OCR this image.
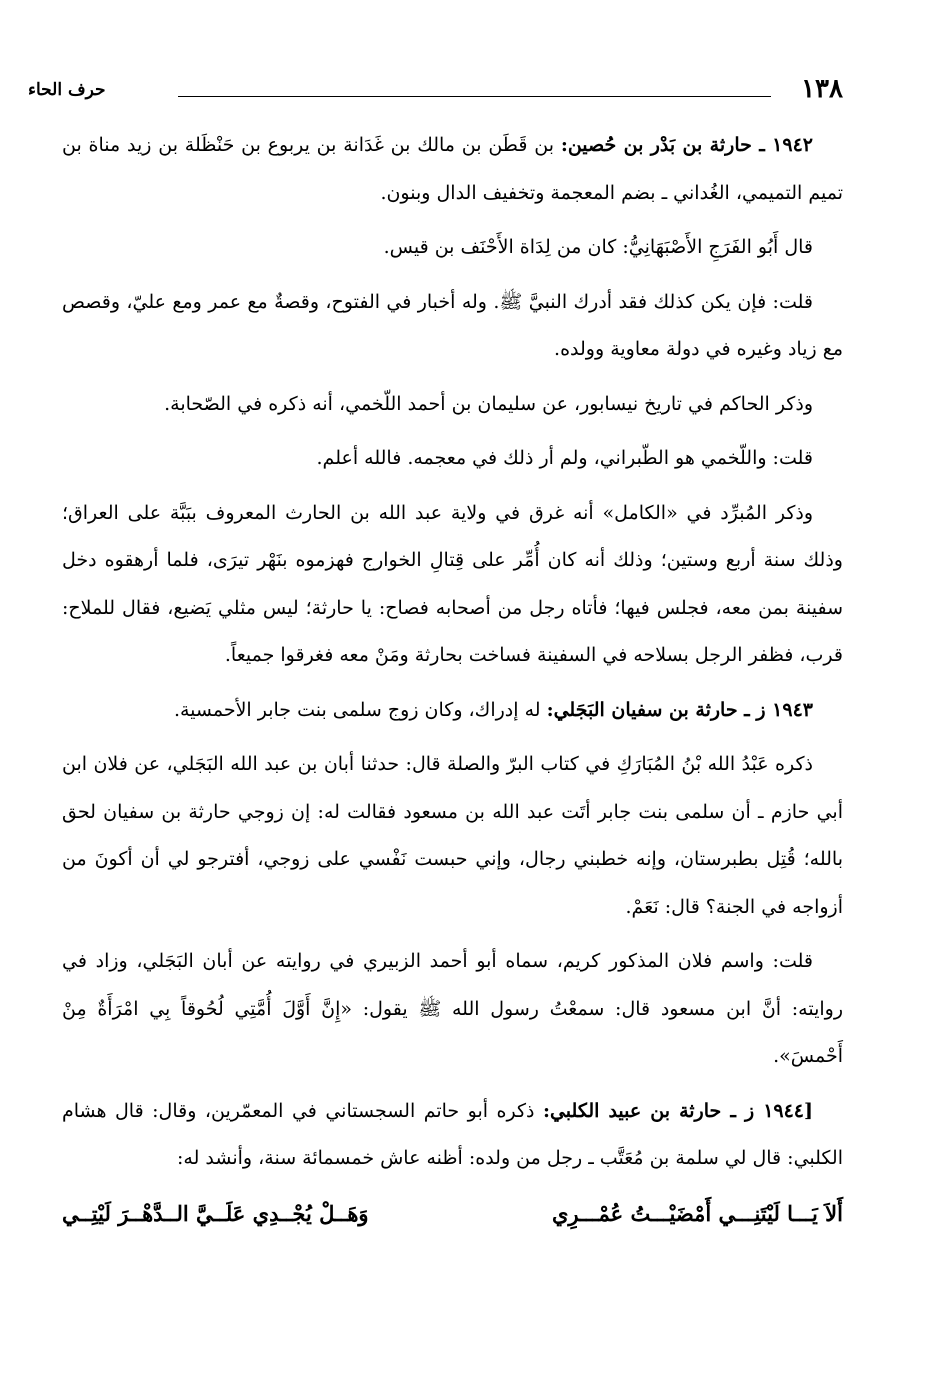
١٣٨
حرف الحاء

١٩٤٢ ـ حارثة بن بَدْر بن حُصين: بن قَطَن بن مالك بن غَدَانة بن يربوع بن حَنْظَلة بن زيد مناة بن تميم التميمي، الغُداني ـ بضم المعجمة وتخفيف الدال وبنون.

قال أَبُو الفَرَجِ الأَصْبَهَانِيُّ: كان من لِدَاة الأَحْنَف بن قيس.

قلت: فإن يكن كذلك فقد أدرك النبيَّ ﷺ. وله أخبار في الفتوح، وقصةٌ مع عمر ومع عليّ، وقصص مع زياد وغيره في دولة معاوية وولده.

وذكر الحاكم في تاريخ نيسابور، عن سليمان بن أحمد اللّخمي، أنه ذكره في الصّحابة.

قلت: واللّخمي هو الطّبراني، ولم أر ذلك في معجمه. فالله أعلم.

وذكر المُبرِّد في «الكامل» أنه غرق في ولاية عبد الله بن الحارث المعروف ببَبَّة على العراق؛ وذلك سنة أربع وستين؛ وذلك أنه كان أُمِّر على قِتالِ الخوارج فهزموه بنَهْر تيرَى، فلما أرهقوه دخل سفينة بمن معه، فجلس فيها؛ فأتاه رجل من أصحابه فصاح: يا حارثة؛ ليس مثلي يَضيع، فقال للملاح: قرب، فظفر الرجل بسلاحه في السفينة فساخت بحارثة ومَنْ معه فغرقوا جميعاً.

١٩٤٣ ز ـ حارثة بن سفيان البَجَلي: له إدراك، وكان زوج سلمى بنت جابر الأحمسية.

ذكره عَبْدُ الله بْنُ المُبَارَكِ في كتاب البرّ والصلة قال: حدثنا أبان بن عبد الله البَجَلي، عن فلان ابن أبي حازم ـ أن سلمى بنت جابر أتَت عبد الله بن مسعود فقالت له: إن زوجي حارثة بن سفيان لحق بالله؛ قُتِل بطبرستان، وإنه خطبني رجال، وإني حبست نَفْسي على زوجي، أفترجو لي أن أكونَ من أزواجه في الجنة؟ قال: نَعَمْ.

قلت: واسم فلان المذكور كريم، سماه أبو أحمد الزبيري في روايته عن أبان البَجَلي، وزاد في روايته: أنَّ ابن مسعود قال: سمعْتُ رسول الله ﷺ يقول: «إِنَّ أَوَّلَ أُمَّتِي لُحُوقاً بِي امْرَأَةٌ مِنْ أَحْمسَ».

[١٩٤٤ ز ـ حارثة بن عبيد الكلبي: ذكره أبو حاتم السجستاني في المعمّرين، وقال: قال هشام الكلبي: قال لي سلمة بن مُعَتَّب ـ رجل من ولده: أظنه عاش خمسمائة سنة، وأنشد له:

أَلاَ يَـــا لَيْتَنِـــي أَمْضَيْـــتُ عُمْـــرِي
وَهَــلْ يُجْــدِي عَلَــيَّ الــدَّهْــرَ لَيْتِــي
